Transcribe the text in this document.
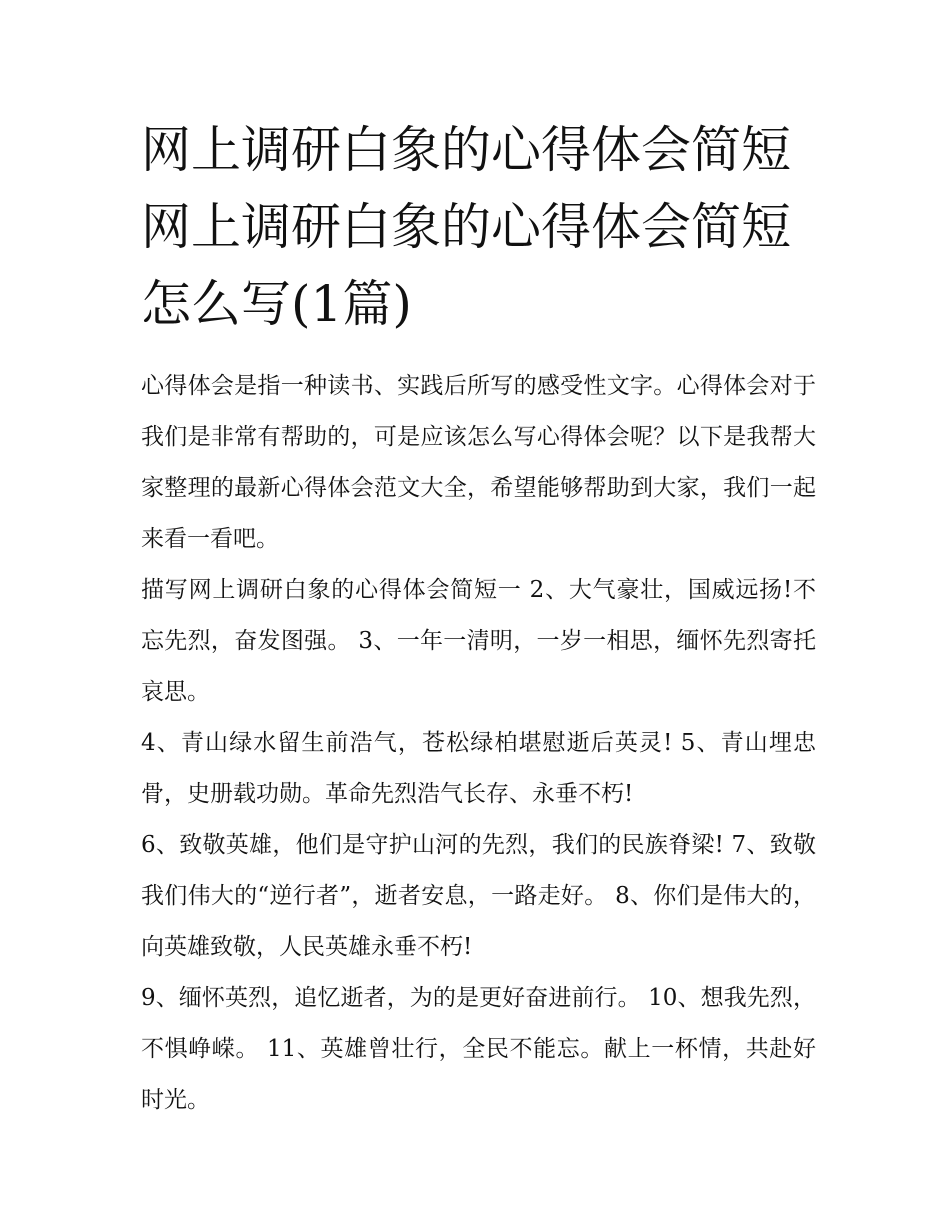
网上调研白象的心得体会简短网上调研白象的心得体会简短怎么写(1篇)

心得体会是指一种读书、实践后所写的感受性文字。心得体会对于我们是非常有帮助的，可是应该怎么写心得体会呢？以下是我帮大家整理的最新心得体会范文大全，希望能够帮助到大家，我们一起来看一看吧。

描写网上调研白象的心得体会简短一 2、大气豪壮，国威远扬!不忘先烈，奋发图强。 3、一年一清明，一岁一相思，缅怀先烈寄托哀思。

4、青山绿水留生前浩气，苍松绿柏堪慰逝后英灵! 5、青山埋忠骨，史册载功勋。革命先烈浩气长存、永垂不朽!

6、致敬英雄，他们是守护山河的先烈，我们的民族脊梁! 7、致敬我们伟大的“逆行者”，逝者安息，一路走好。 8、你们是伟大的，向英雄致敬，人民英雄永垂不朽!

9、缅怀英烈，追忆逝者，为的是更好奋进前行。 10、想我先烈，不惧峥嵘。 11、英雄曾壮行，全民不能忘。献上一杯情，共赴好时光。
